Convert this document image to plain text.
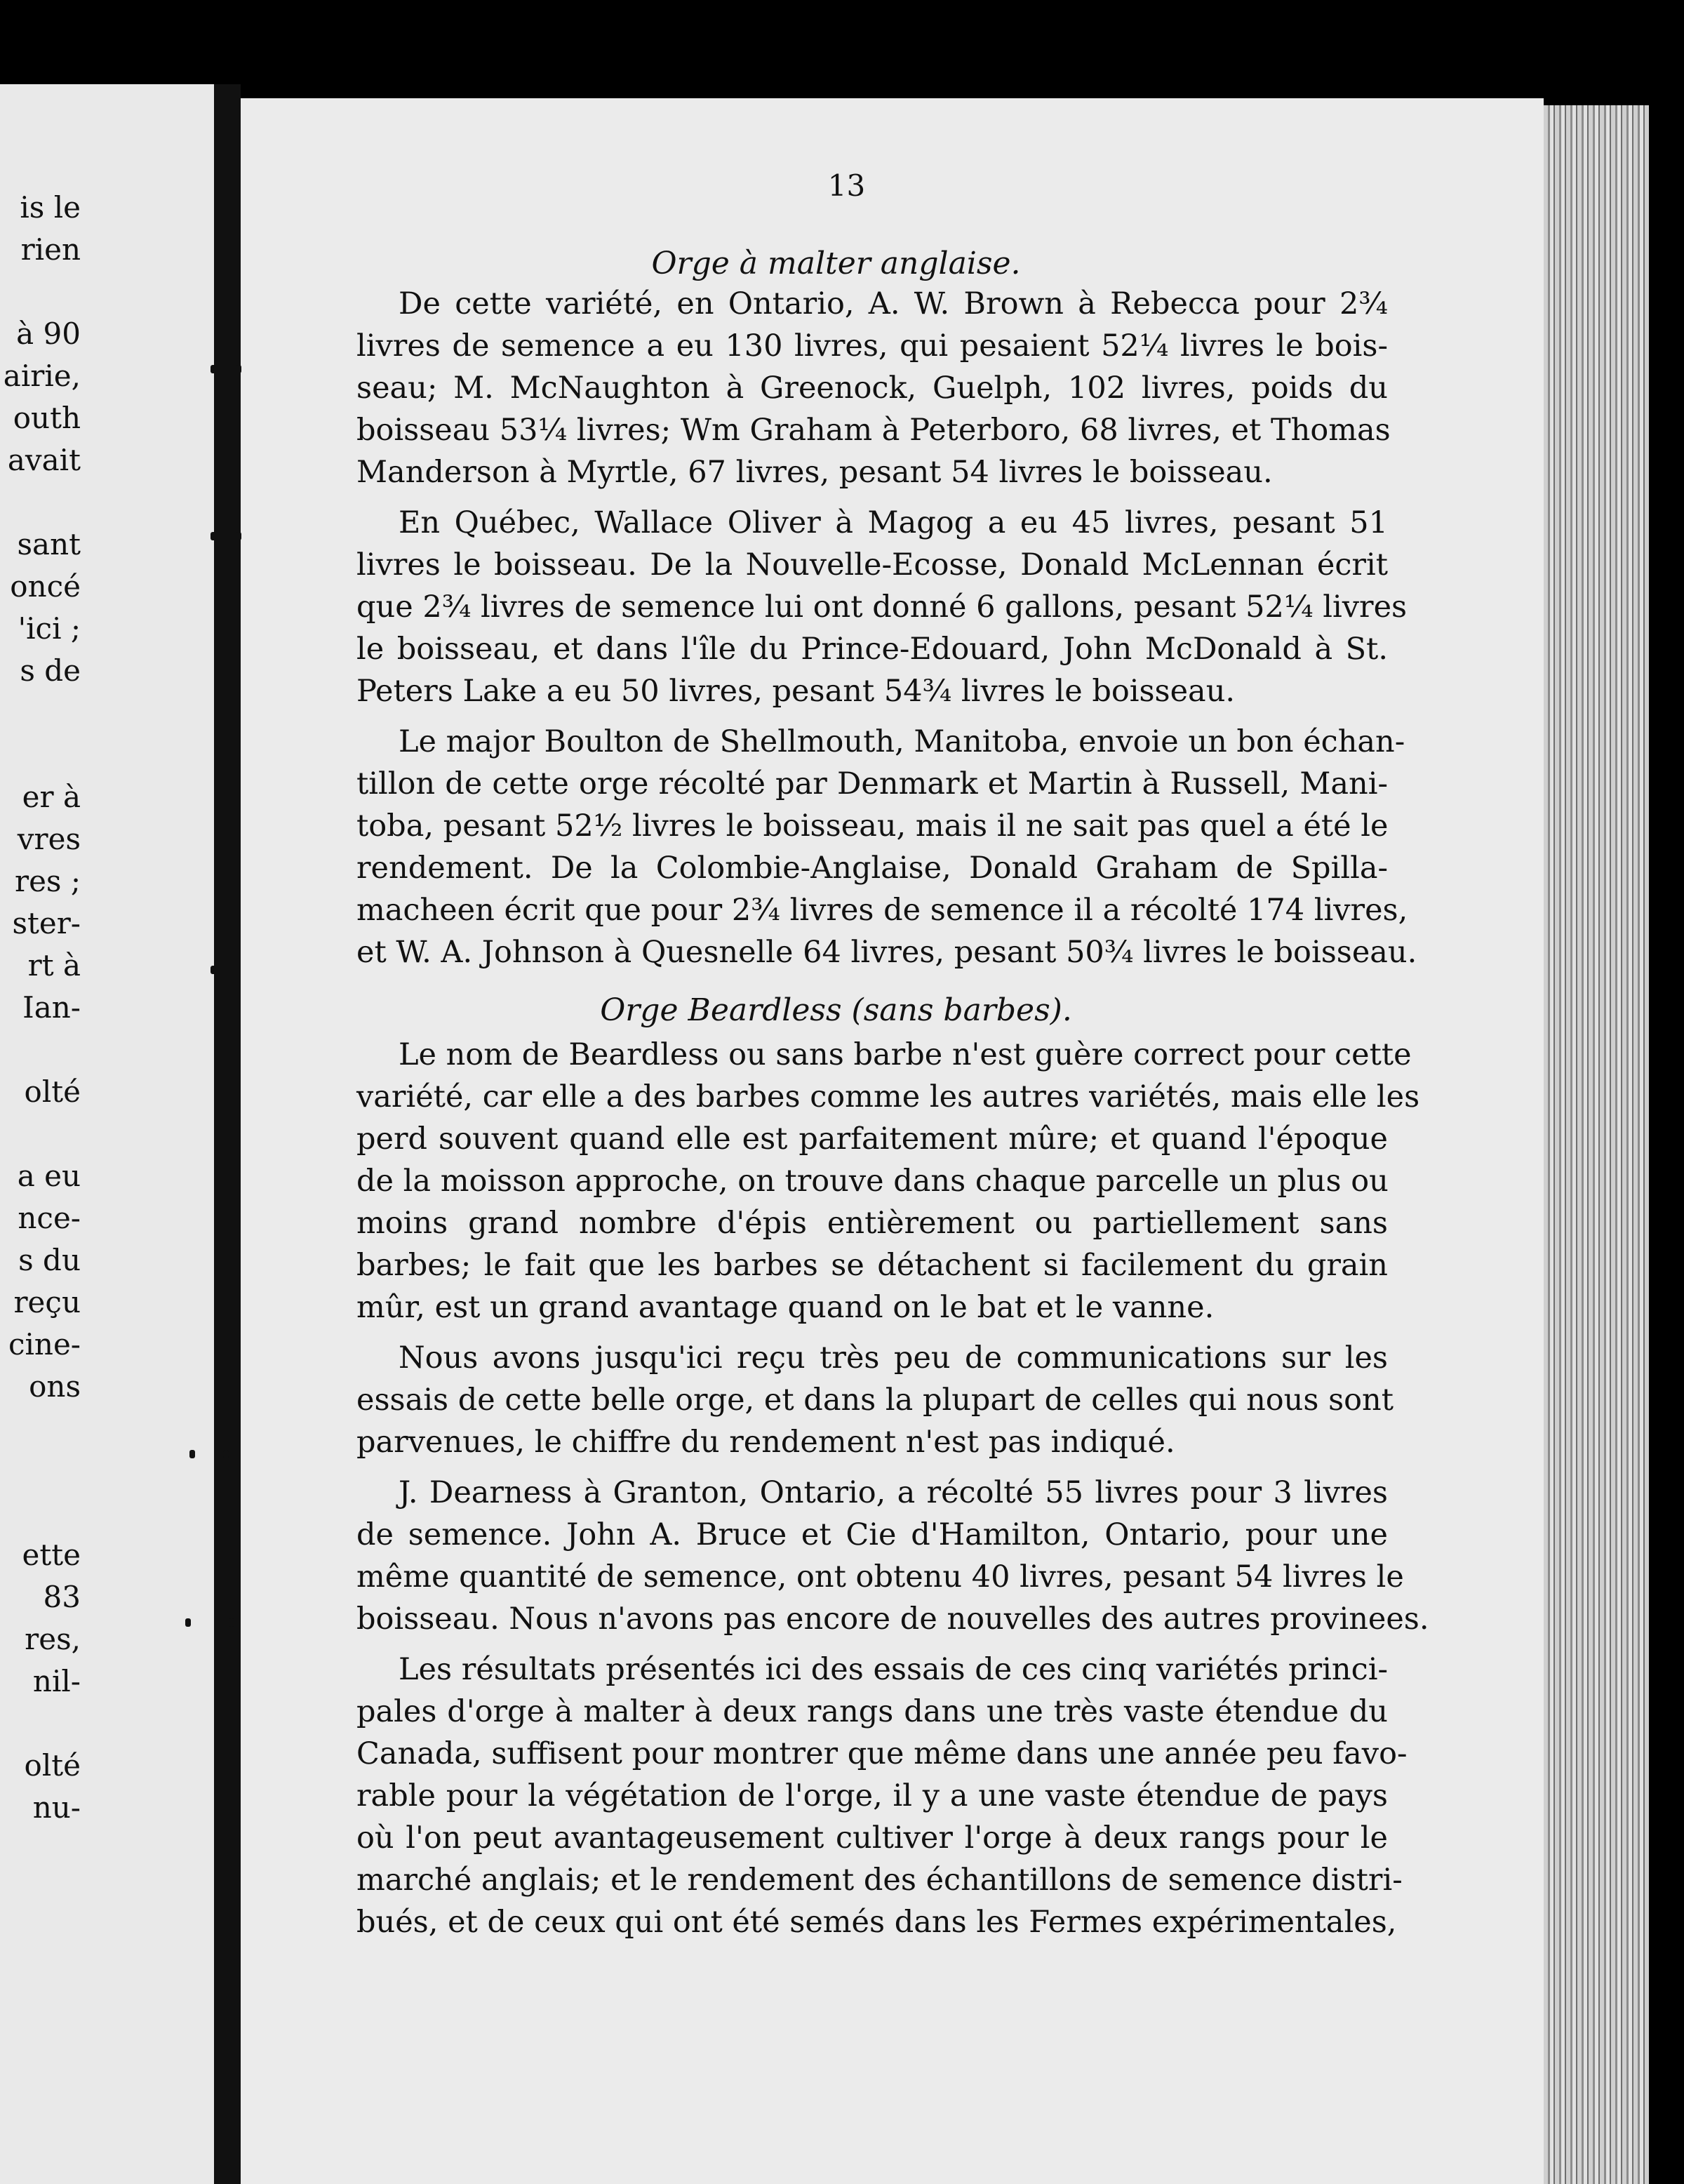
is le
rien
à 90
airie,
outh
avait
sant
oncé
'ici ;
s de
er à
vres
res ;
ster-
rt à
Ian-
olté
a eu
nce-
s du
reçu
cine-
ons
ette
83
res,
nil-
olté
nu-
13
Orge à malter anglaise.
De cette variété, en Ontario, A. W. Brown à Rebecca pour 2¾
livres de semence a eu 130 livres, qui pesaient 52¼ livres le bois-
seau; M. McNaughton à Greenock, Guelph, 102 livres, poids du
boisseau 53¼ livres; Wm Graham à Peterboro, 68 livres, et Thomas
Manderson à Myrtle, 67 livres, pesant 54 livres le boisseau.
En Québec, Wallace Oliver à Magog a eu 45 livres, pesant 51
livres le boisseau. De la Nouvelle-Ecosse, Donald McLennan écrit
que 2¾ livres de semence lui ont donné 6 gallons, pesant 52¼ livres
le boisseau, et dans l'île du Prince-Edouard, John McDonald à St.
Peters Lake a eu 50 livres, pesant 54¾ livres le boisseau.
Le major Boulton de Shellmouth, Manitoba, envoie un bon échan-
tillon de cette orge récolté par Denmark et Martin à Russell, Mani-
toba, pesant 52½ livres le boisseau, mais il ne sait pas quel a été le
rendement. De la Colombie-Anglaise, Donald Graham de Spilla-
macheen écrit que pour 2¾ livres de semence il a récolté 174 livres,
et W. A. Johnson à Quesnelle 64 livres, pesant 50¾ livres le boisseau.
Orge Beardless (sans barbes).
Le nom de Beardless ou sans barbe n'est guère correct pour cette
variété, car elle a des barbes comme les autres variétés, mais elle les
perd souvent quand elle est parfaitement mûre; et quand l'époque
de la moisson approche, on trouve dans chaque parcelle un plus ou
moins grand nombre d'épis entièrement ou partiellement sans
barbes; le fait que les barbes se détachent si facilement du grain
mûr, est un grand avantage quand on le bat et le vanne.
Nous avons jusqu'ici reçu très peu de communications sur les
essais de cette belle orge, et dans la plupart de celles qui nous sont
parvenues, le chiffre du rendement n'est pas indiqué.
J. Dearness à Granton, Ontario, a récolté 55 livres pour 3 livres
de semence. John A. Bruce et Cie d'Hamilton, Ontario, pour une
même quantité de semence, ont obtenu 40 livres, pesant 54 livres le
boisseau. Nous n'avons pas encore de nouvelles des autres provinees.
Les résultats présentés ici des essais de ces cinq variétés princi-
pales d'orge à malter à deux rangs dans une très vaste étendue du
Canada, suffisent pour montrer que même dans une année peu favo-
rable pour la végétation de l'orge, il y a une vaste étendue de pays
où l'on peut avantageusement cultiver l'orge à deux rangs pour le
marché anglais; et le rendement des échantillons de semence distri-
bués, et de ceux qui ont été semés dans les Fermes expérimentales,
